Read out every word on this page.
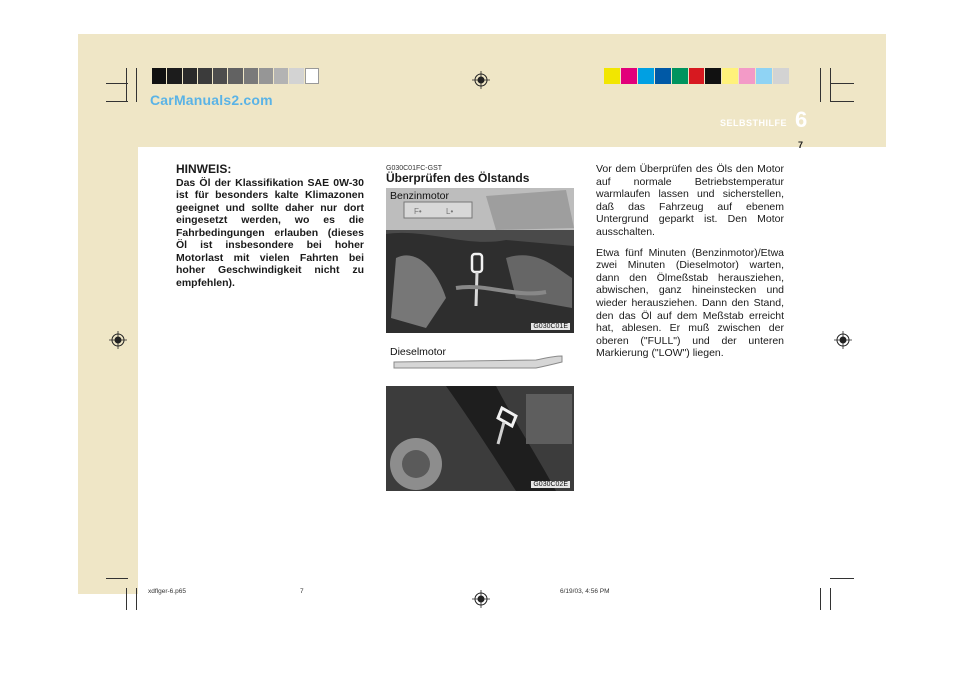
CarManuals2.com
SELBSTHILFE 6
7
HINWEIS:
Das Öl der Klassifikation SAE 0W-30 ist für besonders kalte Klimazonen geeignet und sollte daher nur dort eingesetzt werden, wo es die Fahrbedingungen erlauben (dieses Öl ist insbesondere bei hoher Motorlast mit vielen Fahrten bei hoher Geschwindigkeit nicht zu empfehlen).
G030C01FC-GST
Überprüfen des Ölstands
F•	L•
Benzinmotor
G030C01E
Dieselmotor
G030C02E

Vor dem Überprüfen des Öls den Motor auf normale Betriebstemperatur warmlaufen lassen und sicherstellen, daß das Fahrzeug auf ebenem Untergrund geparkt ist. Den Motor ausschalten.

Etwa fünf Minuten (Benzinmotor)/Etwa zwei Minuten (Dieselmotor) warten, dann den Ölmeßstab herausziehen, abwischen, ganz hineinstecken und wieder herausziehen. Dann den Stand, den das Öl auf dem Meßstab erreicht hat, ablesen. Er muß zwischen der oberen ("FULL") und der unteren Markierung ("LOW") liegen.

xdflger-6.p65	7	6/19/03, 4:56 PM
